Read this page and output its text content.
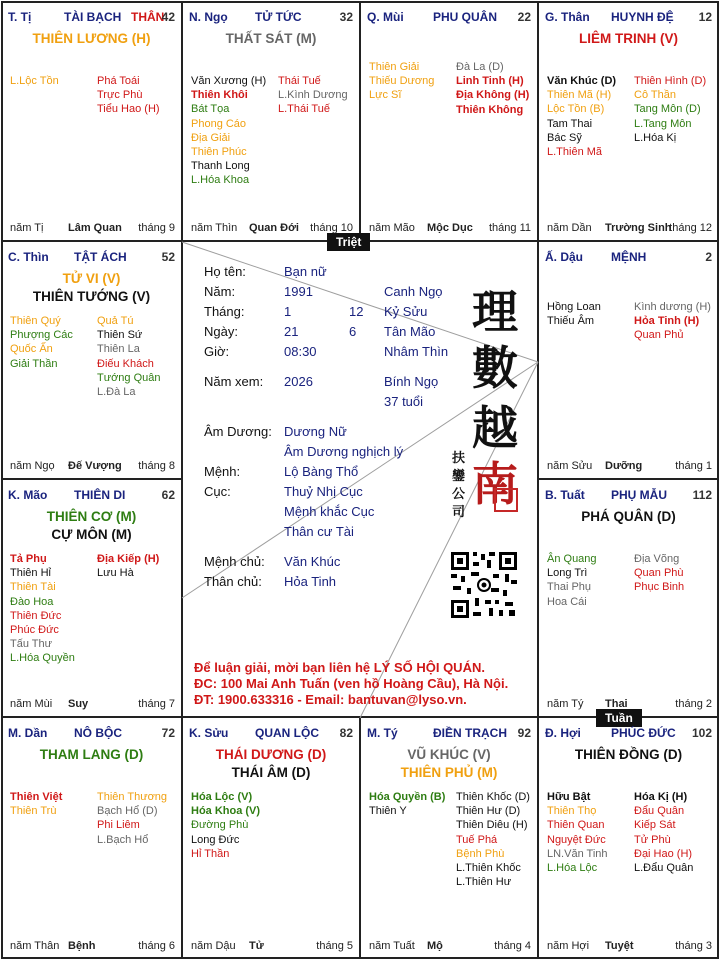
Triệt
Tuần
T. Tị	TÀI BẠCH THÂN
42
THIÊN LƯƠNG (H)
L.Lộc Tồn	Phá Toái
Trực Phù
Tiểu Hao (H)
năm Tị Lâm Quan tháng 9
N. Ngọ TỬ TỨC	32
THẤT SÁT (M)
Văn Xương (H)
Thiên Khôi
Bát Tọa
Phong Cáo
Địa Giải
Thiên Phúc
Thanh Long
L.Hóa Khoa
Thái Tuế
L.Kình Dương
L.Thái Tuế
năm Thìn Quan Đới tháng 10
Q. Mùi PHU QUÂN 22
Thiên Giải
Thiếu Dương
Lực Sĩ
Đà La (D)
Linh Tinh (H)
Địa Không (H)
Thiên Không
năm Mão Mộc Dục tháng 11
G. Thân HUYNH ĐỆ 12
LIÊM TRINH (V)
Văn Khúc (D)
Thiên Mã (H)
Lộc Tồn (B)
Tam Thai
Bác Sỹ
L.Thiên Mã
Thiên Hình (D)
Cô Thần
Tang Môn (D)
L.Tang Môn
L.Hóa Kị
năm Dần Trường Sinh
tháng 12
C. Thìn TẬT ÁCH	52
TỬ VI (V)
THIÊN TƯỚNG (V)
Thiên Quý
Phượng Các
Quốc Ấn
Giải Thần
Quả Tú
Thiên Sứ
Thiên La
Điếu Khách
Tướng Quân
L.Đà La
năm Ngọ Đế Vượng tháng 8
Ấ. Dậu MỆNH	2
Hồng Loan
Thiếu Âm
Kình dương (H)
Hỏa Tinh (H)
Quan Phủ
năm Sửu Dưỡng	tháng 1
K. Mão THIÊN DI	62
THIÊN CƠ (M)
CỰ MÔN (M)
Tả Phụ
Thiên Hỉ
Thiên Tài
Đào Hoa
Thiên Đức
Phúc Đức
Tấu Thư
L.Hóa Quyền
Địa Kiếp (H)
Lưu Hà
năm Mùi Suy	tháng 7
B. Tuất PHỤ MẪU 112
PHÁ QUÂN (D)
Ân Quang
Long Trì
Thai Phụ
Hoa Cái
Địa Võng
Quan Phù
Phục Binh
năm Tý Thai	tháng 2
M. Dần NÔ BỘC	72
THAM LANG (D)
Thiên Việt
Thiên Trù
Thiên Thương
Bạch Hổ (D)
Phi Liêm
L.Bạch Hổ
năm Thân Bệnh	tháng 6
K. Sửu QUAN LỘC 82
THÁI DƯƠNG (D)
THÁI ÂM (D)
Hóa Lộc (V)
Hóa Khoa (V)
Đường Phù
Long Đức
Hỉ Thần
năm Dậu Tử	tháng 5
M. Tý	ĐIỀN TRẠCH 92
VŨ KHÚC (V)
THIÊN PHỦ (M)
Hóa Quyền (B)
Thiên Y
Thiên Khốc (D)
Thiên Hư (D)
Thiên Diêu (H)
Tuế Phá
Bệnh Phù
L.Thiên Khốc
L.Thiên Hư
năm Tuất Mộ	tháng 4
Đ. Hợi	PHÚC ĐỨC 102
THIÊN ĐỒNG (D)
Hữu Bật
Thiên Thọ
Thiên Quan
Nguyệt Đức
LN.Văn Tinh
L.Hóa Lộc
Hóa Kị (H)
Đẩu Quân
Kiếp Sát
Tử Phù
Đại Hao (H)
L.Đẩu Quân
năm Hợi Tuyệt	tháng 3
Họ tên:	Bạn nữ
Năm:	1991	Canh Ngọ
Tháng:	1	12 Kỷ Sửu
Ngày:	21	6 Tân Mão
Giờ:	08:30	Nhâm Thìn
Năm xem: 2026	Bính Ngọ
37 tuổi
Âm Dương: Dương Nữ
Âm Dương nghịch lý
Mệnh:	Lộ Bàng Thổ
Cục:	Thuỷ Nhị Cục
Mệnh khắc Cục
Thân cư Tài
Mệnh chủ: Văn Khúc
Thân chủ: Hỏa Tinh
理
數
越
南
扶鑾公司
Để luận giải, mời bạn liên hệ LÝ SỐ HỘI QUÁN.
ĐC: 100 Mai Anh Tuấn (ven hồ Hoàng Cầu), Hà Nội.
ĐT: 1900.633316 - Email: bantuvan@lyso.vn.
